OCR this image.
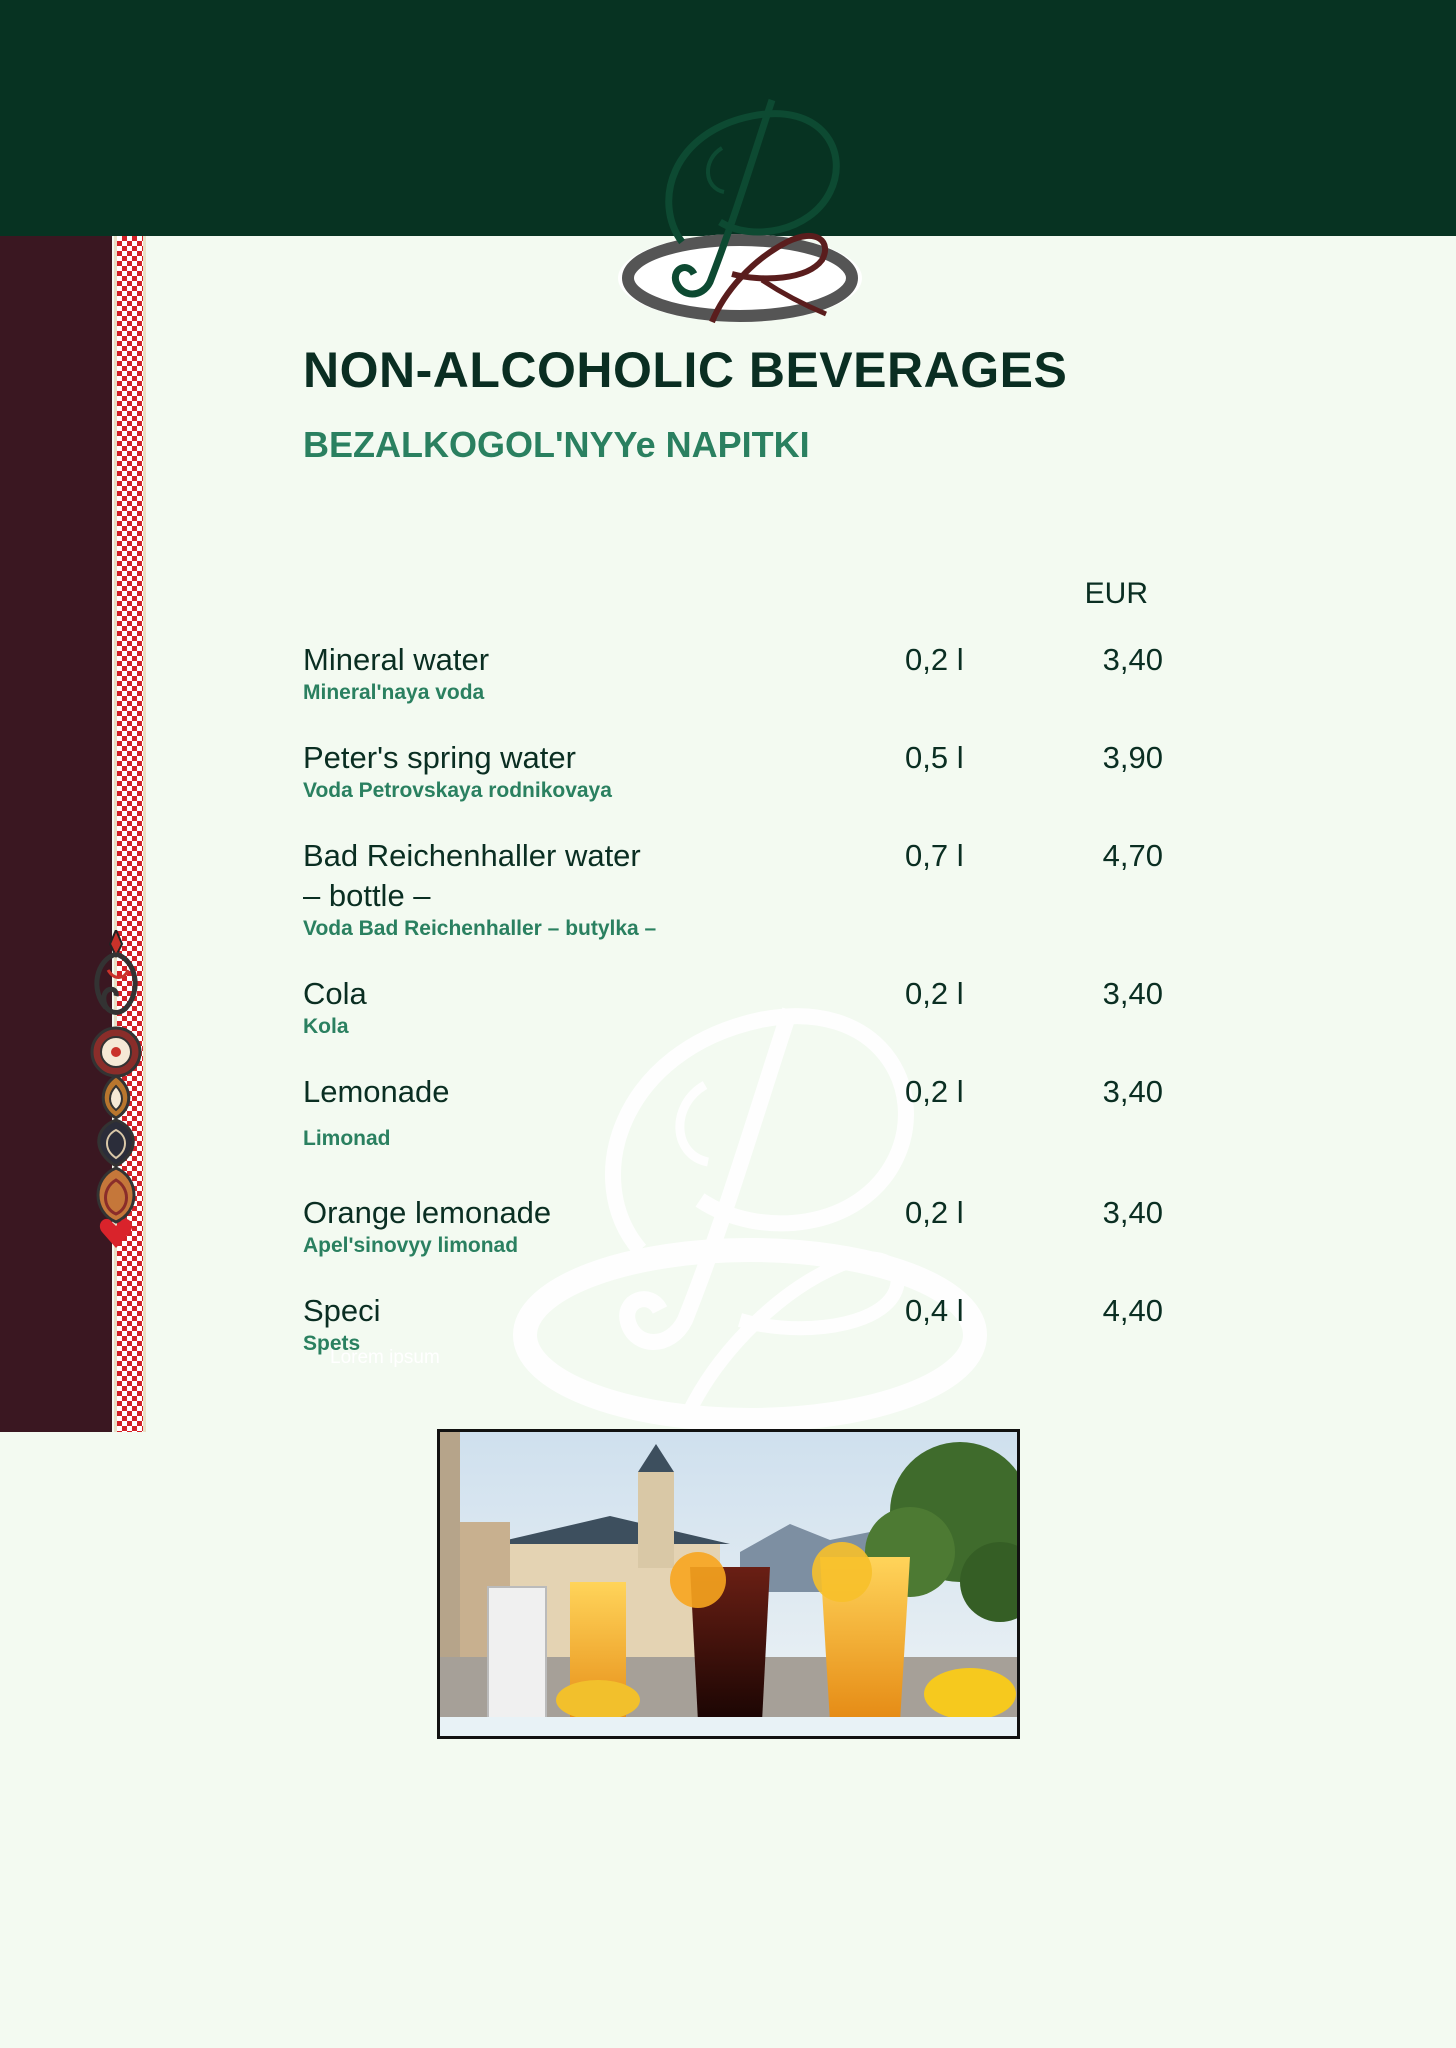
NON-ALCOHOLIC BEVERAGES
BEZALKOGOL'NYYe NAPITKI
EUR
Mineral water
Mineral'naya voda
0,2 l	3,40
Peter's spring water
Voda Petrovskaya rodnikovaya
0,5 l	3,90
Bad Reichenhaller water
– bottle –
Voda Bad Reichenhaller – butylka –
0,7 l	4,70
Cola
Kola
0,2 l	3,40
Lemonade
Limonad
0,2 l	3,40
Orange lemonade
Apel'sinovyy limonad
0,2 l	3,40
Speci
Spets
0,4 l	4,40
Lorem ipsum
